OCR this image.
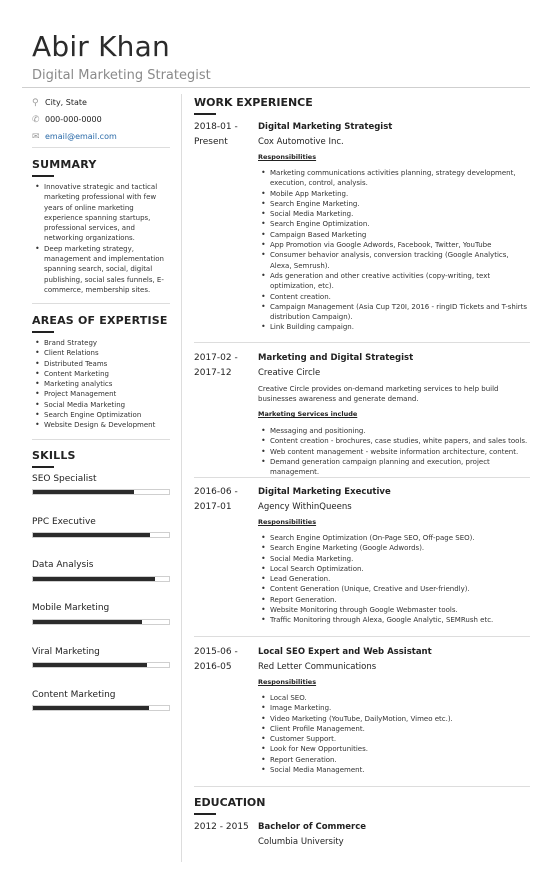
Abir Khan
Digital Marketing Strategist
⚲ City, State
✆ 000-000-0000
✉ email@email.com
SUMMARY
• Innovative strategic and tactical marketing professional with few years of online marketing experience spanning startups, professional services, and networking organizations.
• Deep marketing strategy, management and implementation spanning search, social, digital publishing, social sales funnels, E-commerce, membership sites.
AREAS OF EXPERTISE
• Brand Strategy
• Client Relations
• Distributed Teams
• Content Marketing
• Marketing analytics
• Project Management
• Social Media Marketing
• Search Engine Optimization
• Website Design & Development
SKILLS
SEO Specialist
PPC Executive
Data Analysis
Mobile Marketing
Viral Marketing
Content Marketing
WORK EXPERIENCE
2018-01 -
Present
Digital Marketing Strategist
Cox Automotive Inc.
Responsibilities
• Marketing communications activities planning, strategy development, execution, control, analysis.
• Mobile App Marketing.
• Search Engine Marketing.
• Social Media Marketing.
• Search Engine Optimization.
• Campaign Based Marketing
• App Promotion via Google Adwords, Facebook, Twitter, YouTube
• Consumer behavior analysis, conversion tracking (Google Analytics, Alexa, Semrush).
• Ads generation and other creative activities (copy-writing, text optimization, etc).
• Content creation.
• Campaign Management (Asia Cup T20I, 2016 - ringID Tickets and T-shirts distribution Campaign).
• Link Building campaign.
2017-02 -
2017-12
Marketing and Digital Strategist
Creative Circle
Creative Circle provides on-demand marketing services to help build businesses awareness and generate demand.
Marketing Services include
• Messaging and positioning.
• Content creation - brochures, case studies, white papers, and sales tools.
• Web content management - website information architecture, content.
• Demand generation campaign planning and execution, project management.
2016-06 -
2017-01
Digital Marketing Executive
Agency WithinQueens
Responsibilities
• Search Engine Optimization (On-Page SEO, Off-page SEO).
• Search Engine Marketing (Google Adwords).
• Social Media Marketing.
• Local Search Optimization.
• Lead Generation.
• Content Generation (Unique, Creative and User-friendly).
• Report Generation.
• Website Monitoring through Google Webmaster tools.
• Traffic Monitoring through Alexa, Google Analytic, SEMRush etc.
2015-06 -
2016-05
Local SEO Expert and Web Assistant
Red Letter Communications
Responsibilities
• Local SEO.
• Image Marketing.
• Video Marketing (YouTube, DailyMotion, Vimeo etc.).
• Client Profile Management.
• Customer Support.
• Look for New Opportunities.
• Report Generation.
• Social Media Management.
EDUCATION
2012 - 2015	Bachelor of Commerce
Columbia University
